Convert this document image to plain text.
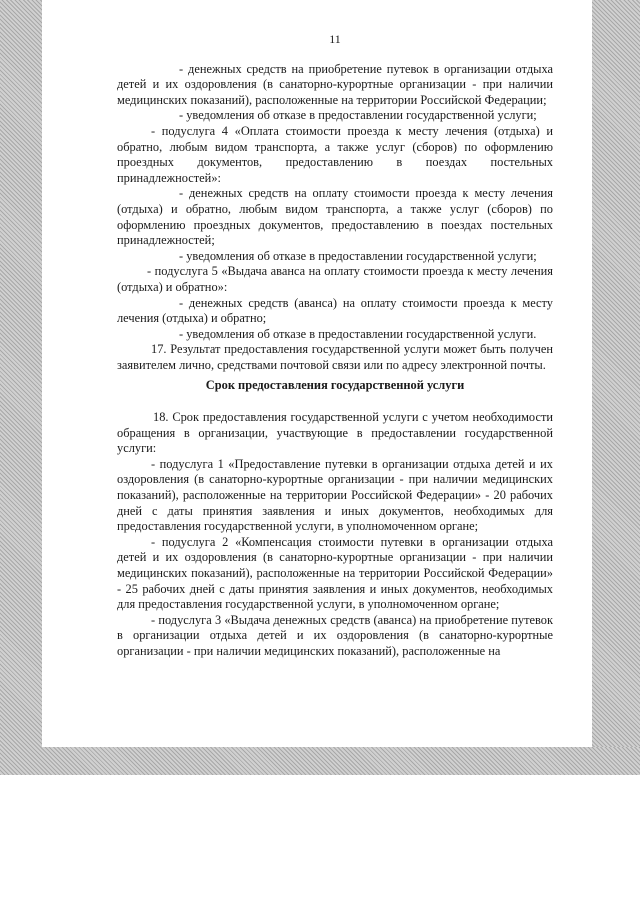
11

- денежных средств на приобретение путевок в организации отдыха детей и их оздоровления (в санаторно-курортные организации - при наличии медицинских показаний), расположенные на территории Российской Федерации;

- уведомления об отказе в предоставлении государственной услуги;

- подуслуга 4 «Оплата стоимости проезда к месту лечения (отдыха) и обратно, любым видом транспорта, а также услуг (сборов) по оформлению проездных документов, предоставлению в поездах постельных принадлежностей»:

- денежных средств на оплату стоимости проезда к месту лечения (отдыха) и обратно, любым видом транспорта, а также услуг (сборов) по оформлению проездных документов, предоставлению в поездах постельных принадлежностей;

- уведомления об отказе в предоставлении государственной услуги;

- подуслуга 5 «Выдача аванса на оплату стоимости проезда к месту лечения (отдыха) и обратно»:

- денежных средств (аванса) на оплату стоимости проезда к месту лечения (отдыха) и обратно;

- уведомления об отказе в предоставлении государственной услуги.

17. Результат предоставления государственной услуги может быть получен заявителем лично, средствами почтовой связи или по адресу электронной почты.

Срок предоставления государственной услуги

18. Срок предоставления государственной услуги с учетом необходимости обращения в организации, участвующие в предоставлении государственной услуги:

- подуслуга 1 «Предоставление путевки в организации отдыха детей и их оздоровления (в санаторно-курортные организации - при наличии медицинских показаний), расположенные на территории Российской Федерации» - 20 рабочих дней с даты принятия заявления и иных документов, необходимых для предоставления государственной услуги, в уполномоченном органе;

- подуслуга 2 «Компенсация стоимости путевки в организации отдыха детей и их оздоровления (в санаторно-курортные организации - при наличии медицинских показаний), расположенные на территории Российской Федерации» - 25 рабочих дней с даты принятия заявления и иных документов, необходимых для предоставления государственной услуги, в уполномоченном органе;

- подуслуга 3 «Выдача денежных средств (аванса) на приобретение путевок в организации отдыха детей и их оздоровления (в санаторно-курортные организации - при наличии медицинских показаний), расположенные на
